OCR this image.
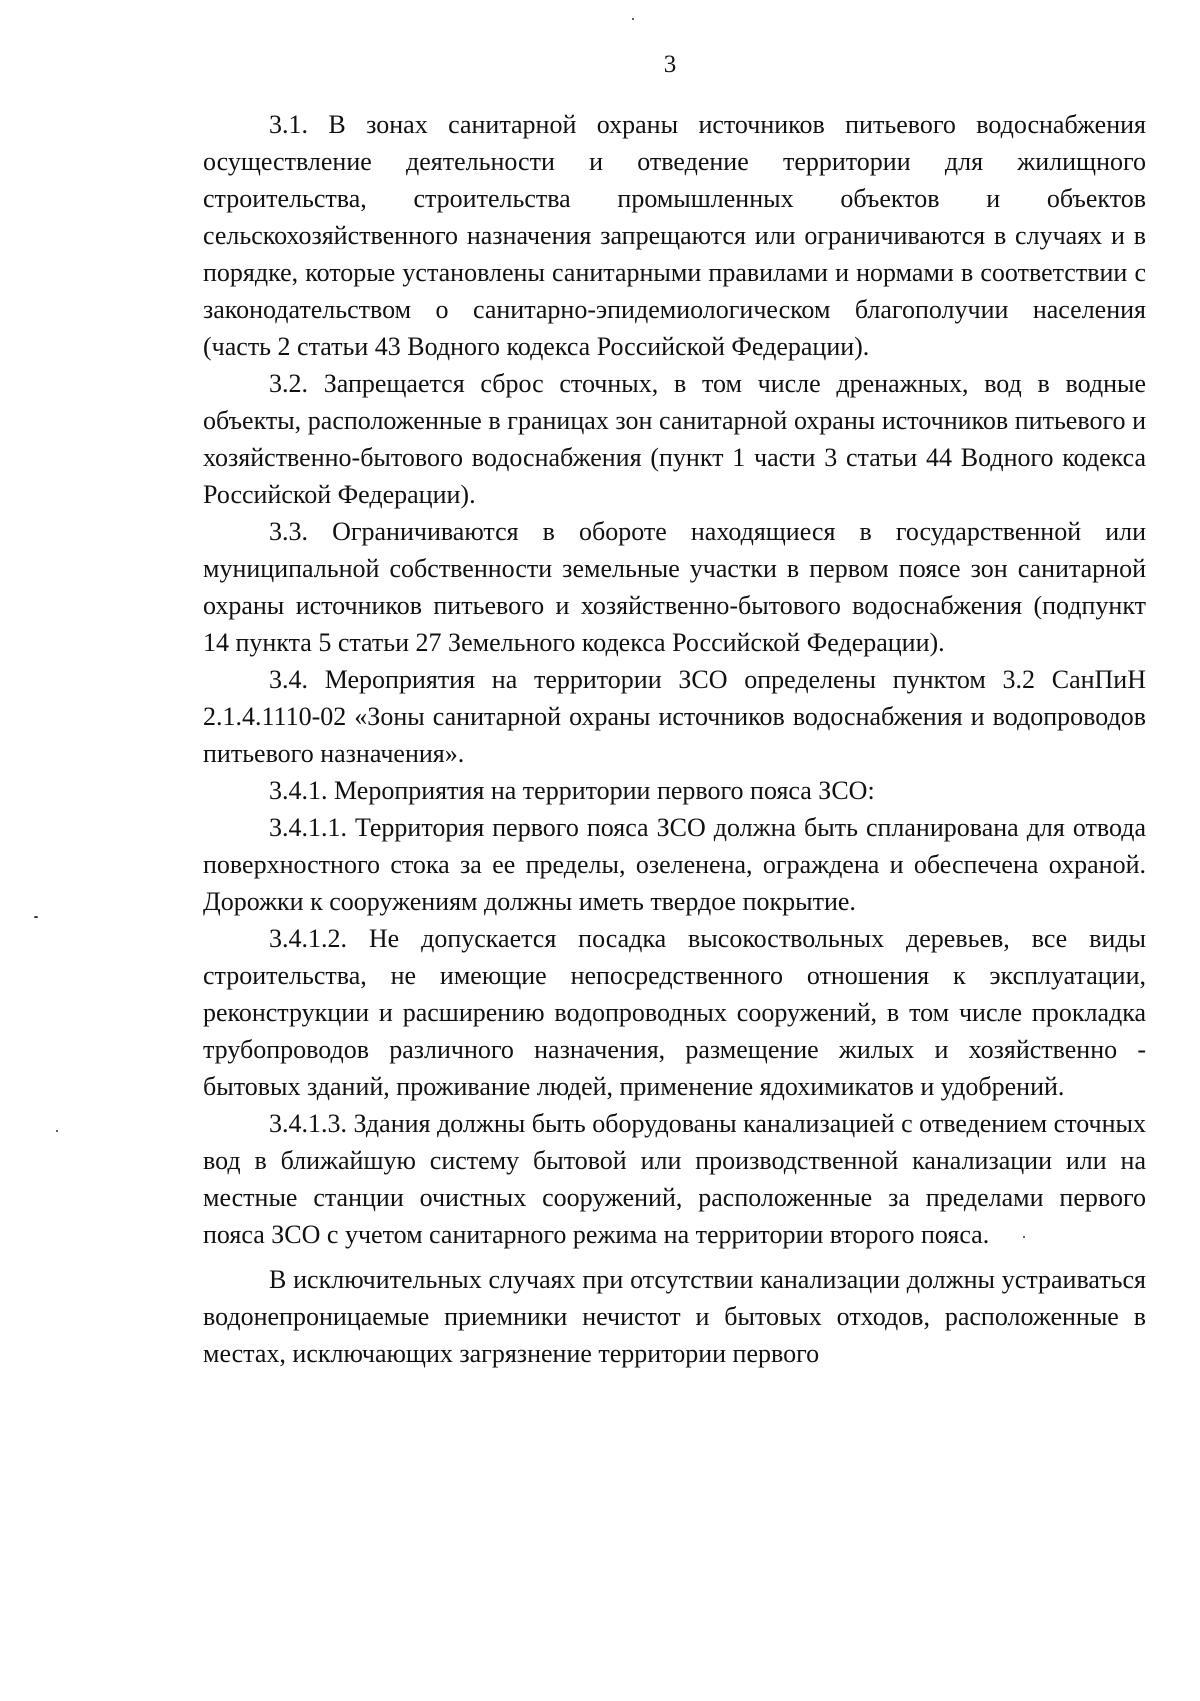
3

3.1. В зонах санитарной охраны источников питьевого водоснабжения осуществление деятельности и отведение территории для жилищного строительства, строительства промышленных объектов и объектов сельскохозяйственного назначения запрещаются или ограничиваются в случаях и в порядке, которые установлены санитарными правилами и нормами в соответствии с законодательством о санитарно-эпидемиологическом благополучии населения (часть 2 статьи 43 Водного кодекса Российской Федерации).

3.2. Запрещается сброс сточных, в том числе дренажных, вод в водные объекты, расположенные в границах зон санитарной охраны источников питьевого и хозяйственно-бытового водоснабжения (пункт 1 части 3 статьи 44 Водного кодекса Российской Федерации).

3.3. Ограничиваются в обороте находящиеся в государственной или муниципальной собственности земельные участки в первом поясе зон санитарной охраны источников питьевого и хозяйственно-бытового водоснабжения (подпункт 14 пункта 5 статьи 27 Земельного кодекса Российской Федерации).

3.4. Мероприятия на территории ЗСО определены пунктом 3.2 СанПиН 2.1.4.1110-02 «Зоны санитарной охраны источников водоснабжения и водопроводов питьевого назначения».

3.4.1. Мероприятия на территории первого пояса ЗСО:

3.4.1.1. Территория первого пояса ЗСО должна быть спланирована для отвода поверхностного стока за ее пределы, озеленена, ограждена и обеспечена охраной. Дорожки к сооружениям должны иметь твердое покрытие.

3.4.1.2. Не допускается посадка высокоствольных деревьев, все виды строительства, не имеющие непосредственного отношения к эксплуатации, реконструкции и расширению водопроводных сооружений, в том числе прокладка трубопроводов различного назначения, размещение жилых и хозяйственно - бытовых зданий, проживание людей, применение ядохимикатов и удобрений.

3.4.1.3. Здания должны быть оборудованы канализацией с отведением сточных вод в ближайшую систему бытовой или производственной канализации или на местные станции очистных сооружений, расположенные за пределами первого пояса ЗСО с учетом санитарного режима на территории второго пояса.

В исключительных случаях при отсутствии канализации должны устраиваться водонепроницаемые приемники нечистот и бытовых отходов, расположенные в местах, исключающих загрязнение территории первого
